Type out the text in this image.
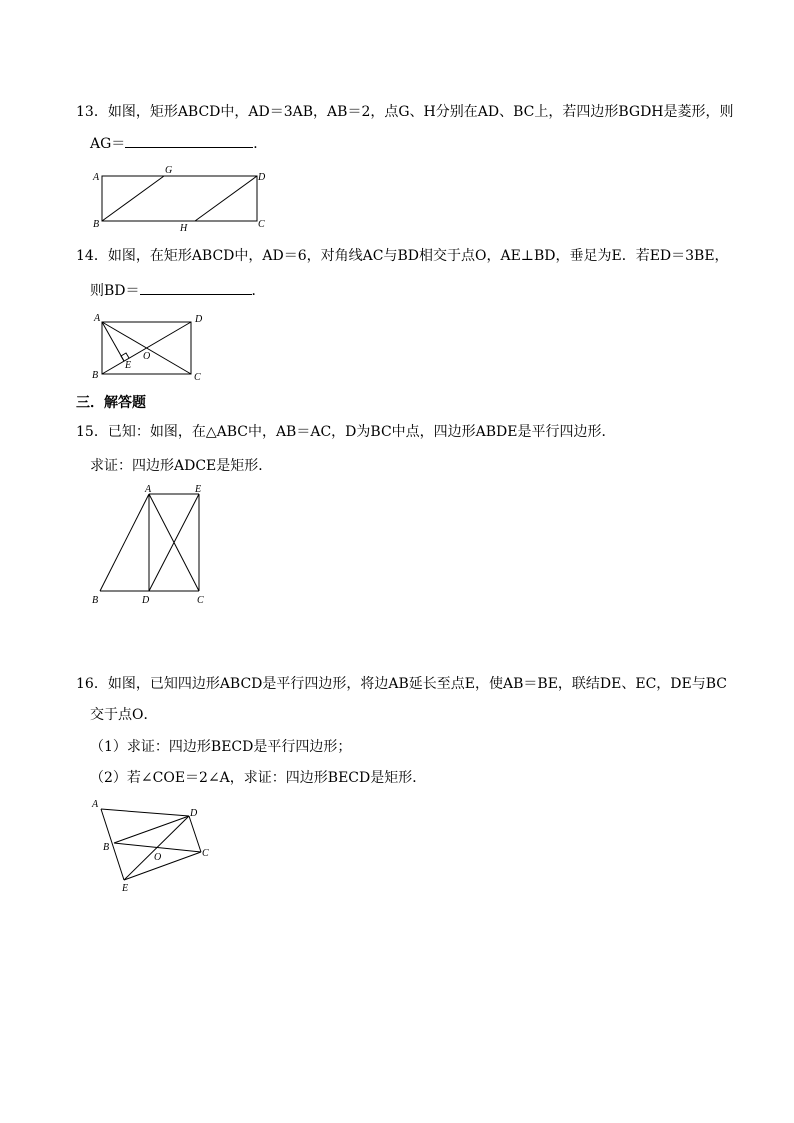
13．如图，矩形ABCD中，AD＝3AB，AB＝2，点G、H分别在AD、BC上，若四边形BGDH是菱形，则
AG＝	．
A
B	C
D
G
H
14．如图，在矩形ABCD中，AD＝6，对角线AC与BD相交于点O，AE⊥BD，垂足为E．若ED＝3BE，
则BD＝	．
A
B	C
D
E
O
三．解答题
15．已知：如图，在△ABC中，AB＝AC，D为BC中点，四边形ABDE是平行四边形．
求证：四边形ADCE是矩形．
A	E
B	D	C
16．如图，已知四边形ABCD是平行四边形，将边AB延长至点E，使AB＝BE，联结DE、EC，DE与BC
交于点O．
（1）求证：四边形BECD是平行四边形；
（2）若∠COE＝2∠A，求证：四边形BECD是矩形．
A
D
B
C
O
E
